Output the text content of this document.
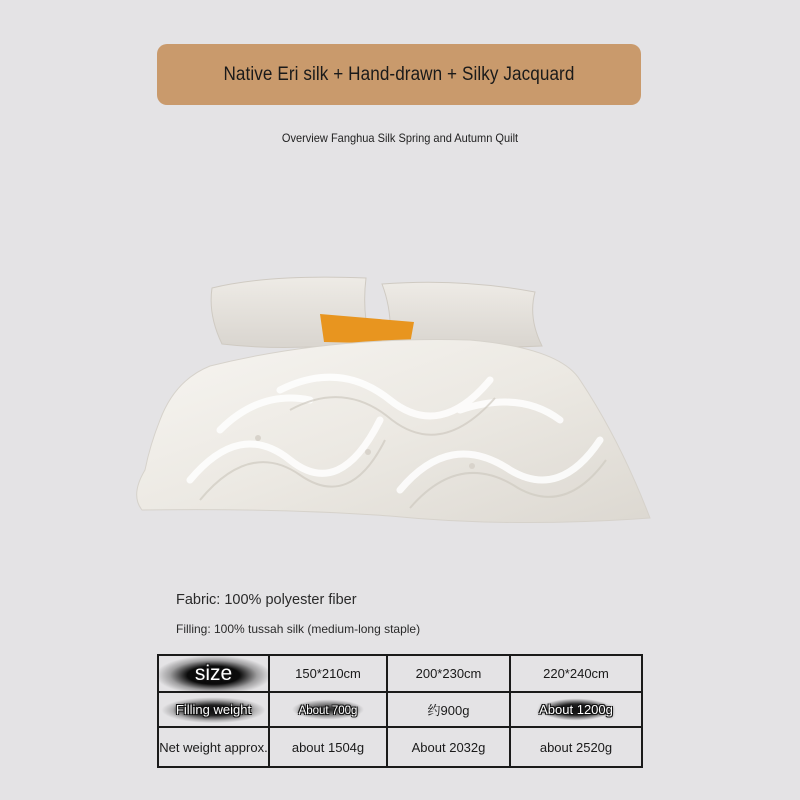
Native Eri silk + Hand-drawn + Silky Jacquard
Overview Fanghua Silk Spring and Autumn Quilt
Fabric: 100% polyester fiber
Filling: 100% tussah silk (medium-long staple)
size	150*210cm	200*230cm	220*240cm
Filling weight	About 700g	约900g	About 1200g
Net weight approx.	about 1504g	About 2032g	about 2520g
